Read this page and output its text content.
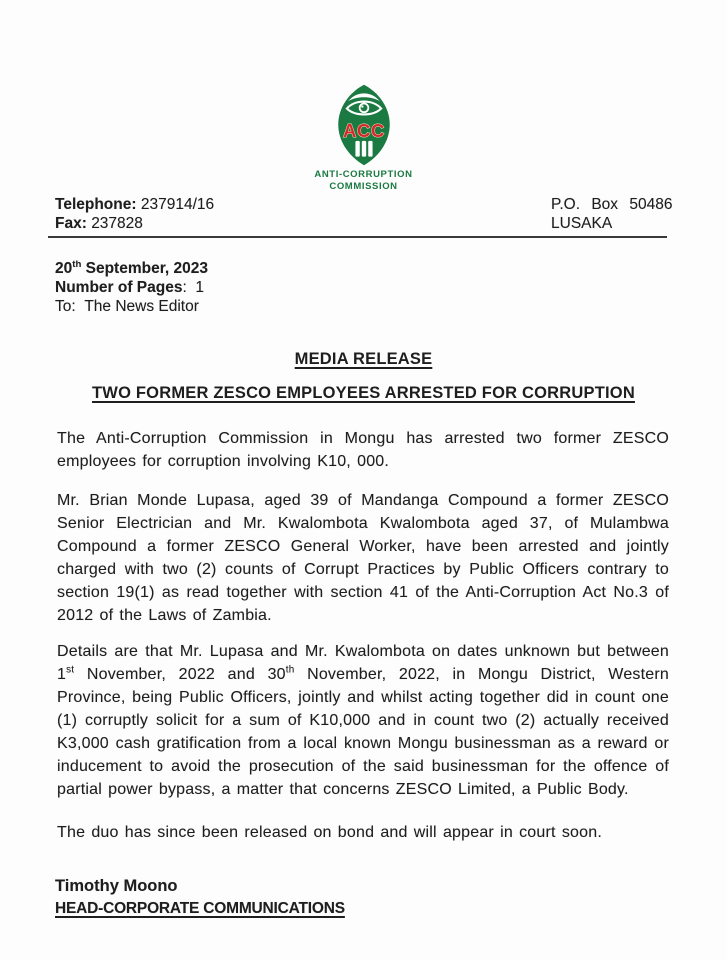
ACC
ANTI-CORRUPTION
COMMISSION
Telephone: 237914/16
Fax: 237828
P.O. Box 50486
LUSAKA
20th September, 2023
Number of Pages: 1
To: The News Editor
MEDIA RELEASE
TWO FORMER ZESCO EMPLOYEES ARRESTED FOR CORRUPTION

The Anti-Corruption Commission in Mongu has arrested two former ZESCO employees for corruption involving K10, 000.

Mr. Brian Monde Lupasa, aged 39 of Mandanga Compound a former ZESCO Senior Electrician and Mr. Kwalombota Kwalombota aged 37, of Mulambwa Compound a former ZESCO General Worker, have been arrested and jointly charged with two (2) counts of Corrupt Practices by Public Officers contrary to section 19(1) as read together with section 41 of the Anti-Corruption Act No.3 of 2012 of the Laws of Zambia.

Details are that Mr. Lupasa and Mr. Kwalombota on dates unknown but between 1st November, 2022 and 30th November, 2022, in Mongu District, Western Province, being Public Officers, jointly and whilst acting together did in count one (1) corruptly solicit for a sum of K10,000 and in count two (2) actually received K3,000 cash gratification from a local known Mongu businessman as a reward or inducement to avoid the prosecution of the said businessman for the offence of partial power bypass, a matter that concerns ZESCO Limited, a Public Body.

The duo has since been released on bond and will appear in court soon.

Timothy Moono
HEAD-CORPORATE COMMUNICATIONS
